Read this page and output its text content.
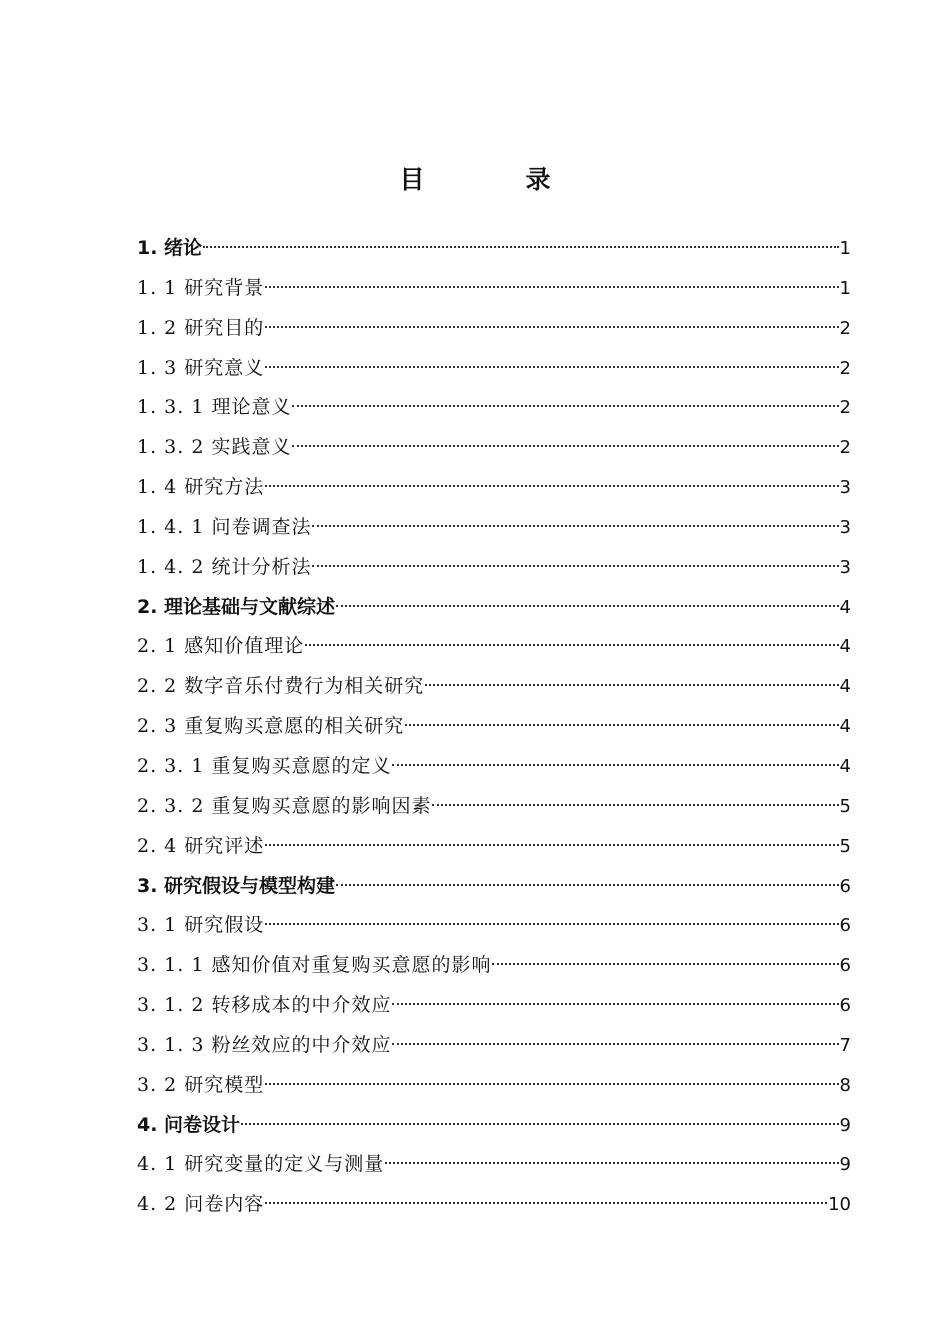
目　录
1. 绪论	1
1. 1 研究背景	1
1. 2 研究目的	2
1. 3 研究意义	2
1. 3. 1 理论意义	2
1. 3. 2 实践意义	2
1. 4 研究方法	3
1. 4. 1 问卷调查法	3
1. 4. 2 统计分析法	3
2. 理论基础与文献综述	4
2. 1 感知价值理论	4
2. 2 数字音乐付费行为相关研究	4
2. 3 重复购买意愿的相关研究	4
2. 3. 1 重复购买意愿的定义	4
2. 3. 2 重复购买意愿的影响因素	5
2. 4 研究评述	5
3. 研究假设与模型构建	6
3. 1 研究假设	6
3. 1. 1 感知价值对重复购买意愿的影响	6
3. 1. 2 转移成本的中介效应	6
3. 1. 3 粉丝效应的中介效应	7
3. 2 研究模型	8
4. 问卷设计	9
4. 1 研究变量的定义与测量	9
4. 2 问卷内容	10
